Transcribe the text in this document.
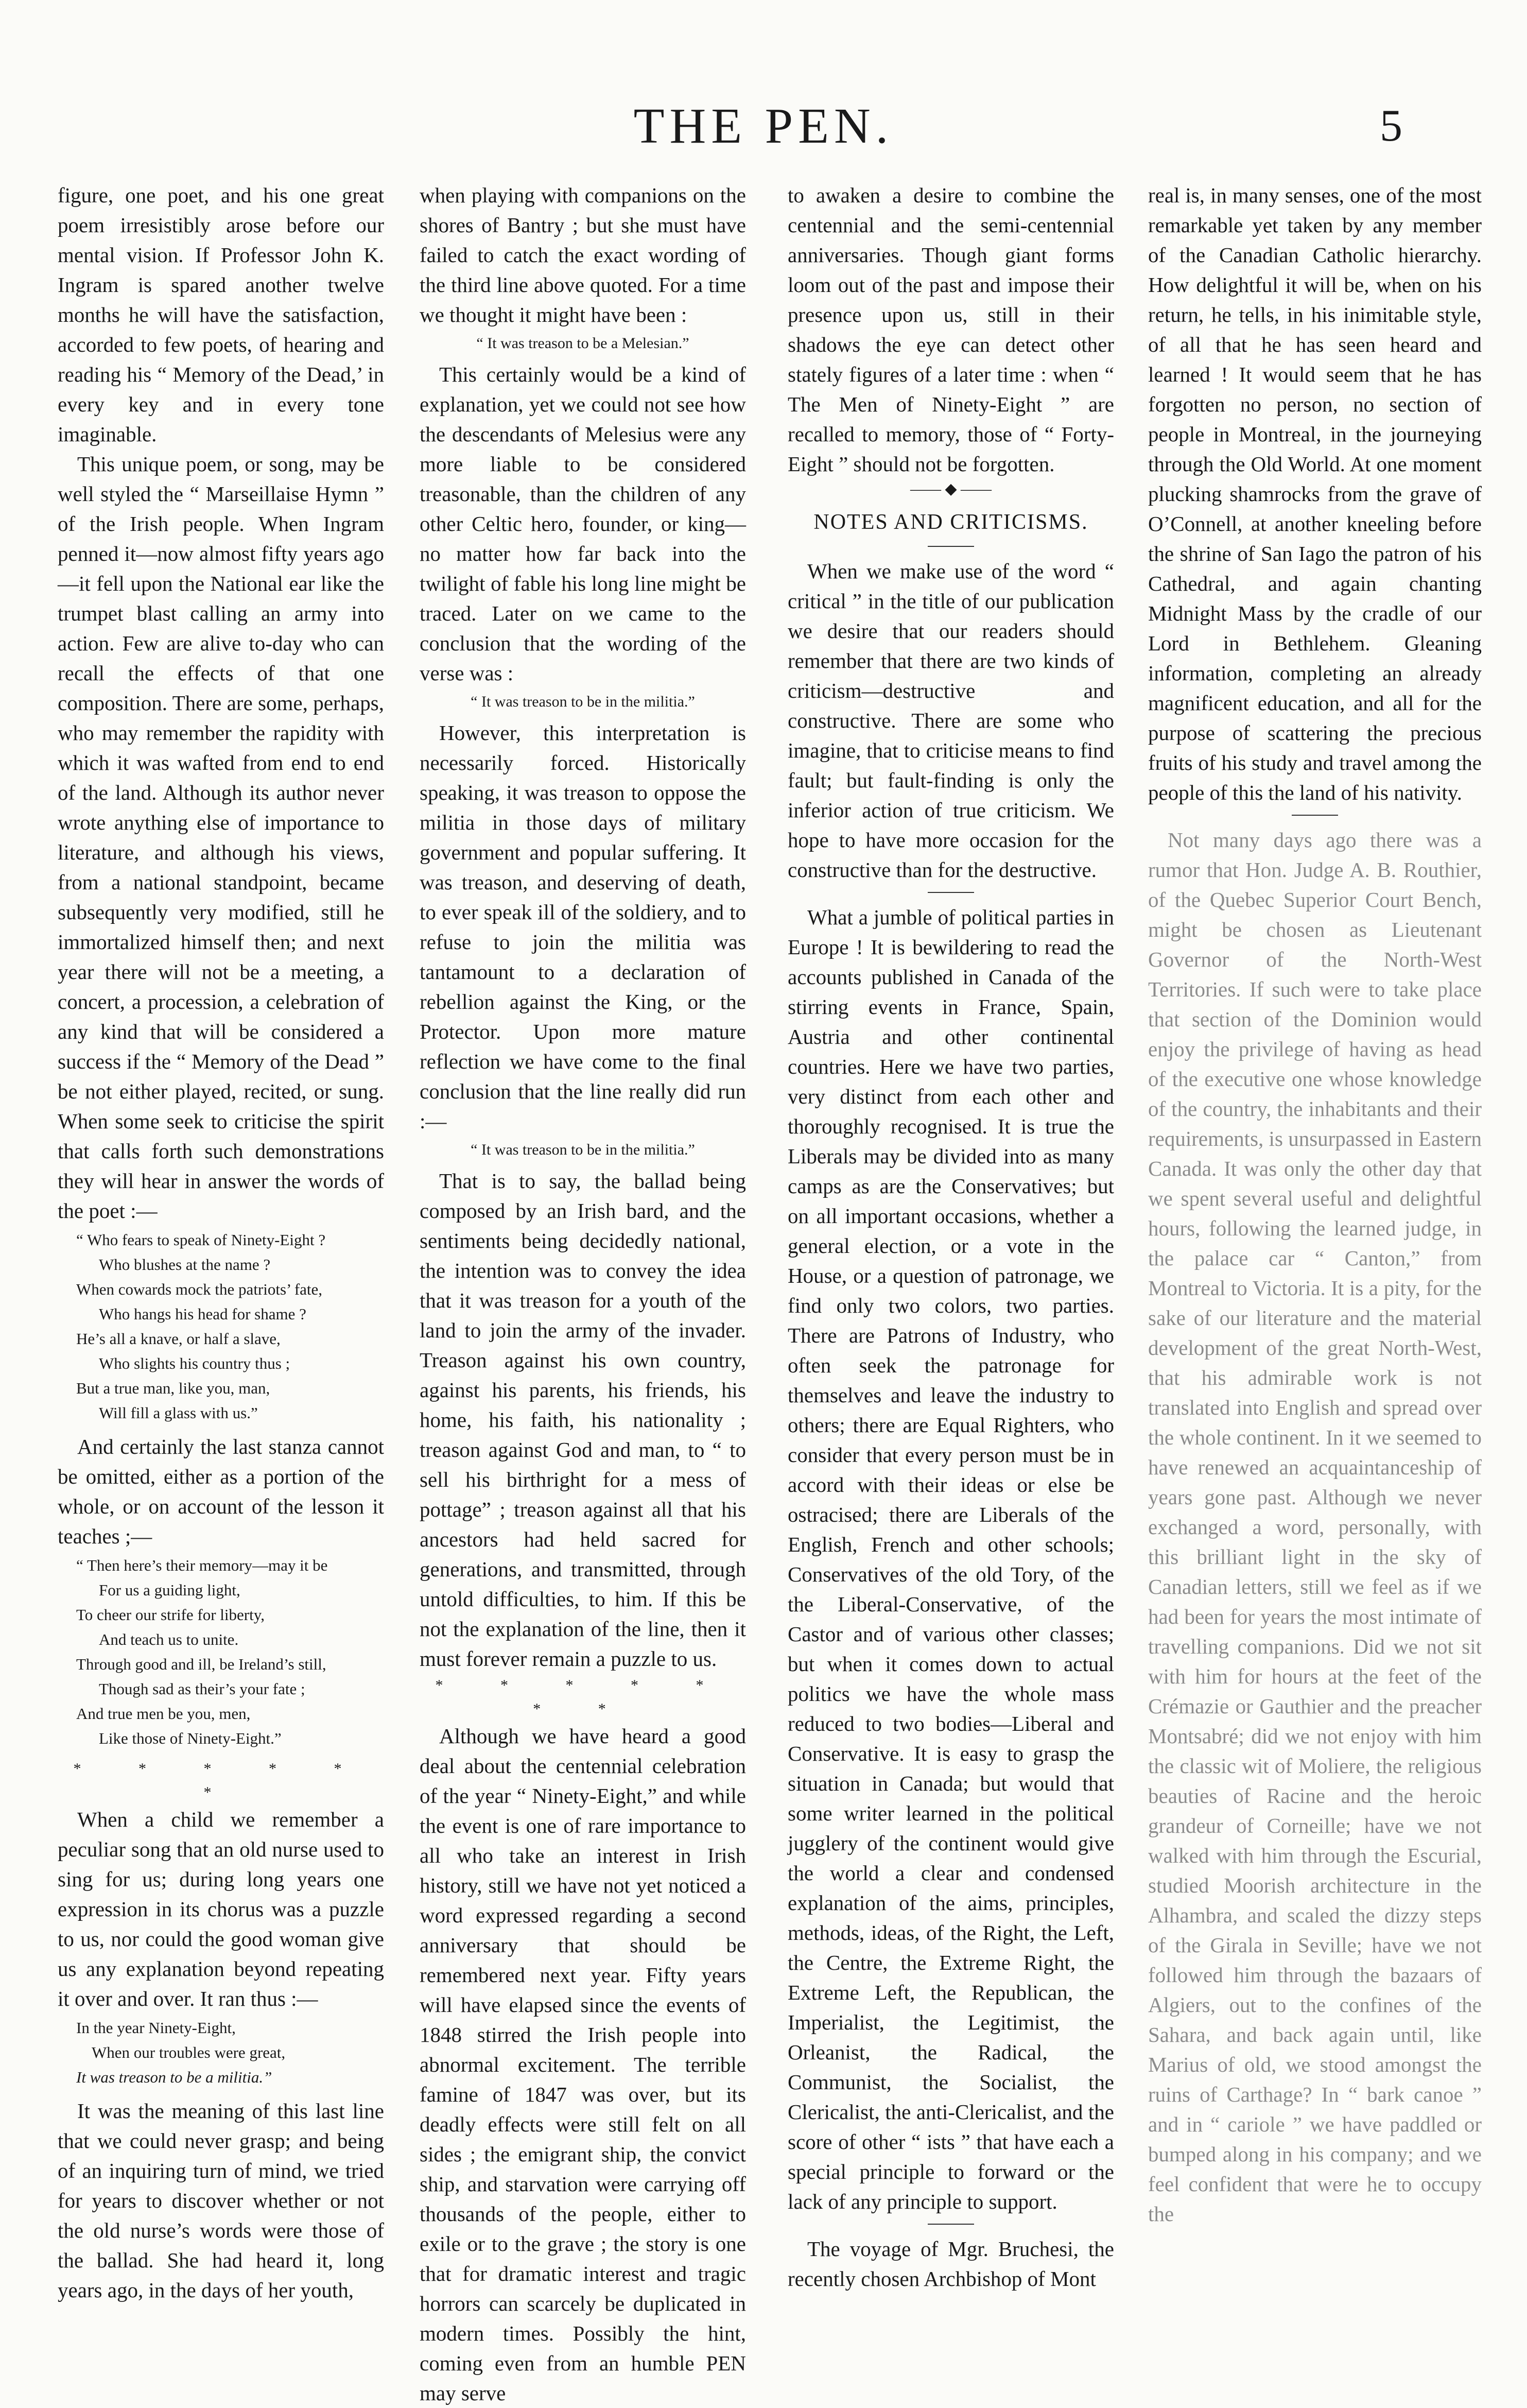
THE PEN.	5

figure, one poet, and his one great poem irresistibly arose before our mental vision. If Professor John K. Ingram is spared another twelve months he will have the satisfaction, accorded to few poets, of hearing and reading his “ Memory of the Dead,’ in every key and in every tone imaginable.

This unique poem, or song, may be well styled the “ Marseillaise Hymn ” of the Irish people. When Ingram penned it—now almost fifty years ago—it fell upon the National ear like the trumpet blast calling an army into action. Few are alive to-day who can recall the effects of that one composition. There are some, perhaps, who may remember the rapidity with which it was wafted from end to end of the land. Although its author never wrote anything else of importance to literature, and although his views, from a national standpoint, became subsequently very modified, still he immortalized himself then; and next year there will not be a meeting, a concert, a procession, a celebration of any kind that will be considered a success if the “ Memory of the Dead ” be not either played, recited, or sung. When some seek to criticise the spirit that calls forth such demonstrations they will hear in answer the words of the poet :—

“ Who fears to speak of Ninety-Eight ?
Who blushes at the name ?
When cowards mock the patriots’ fate,
Who hangs his head for shame ?
He’s all a knave, or half a slave,
Who slights his country thus ;
But a true man, like you, man,
Will fill a glass with us.”

And certainly the last stanza cannot be omitted, either as a portion of the whole, or on account of the lesson it teaches ;—

“ Then here’s their memory—may it be
For us a guiding light,
To cheer our strife for liberty,
And teach us to unite.
Through good and ill, be Ireland’s still,
Though sad as their’s your fate ;
And true men be you, men,
Like those of Ninety-Eight.”
* * * * * *

When a child we remember a peculiar song that an old nurse used to sing for us; during long years one expression in its chorus was a puzzle to us, nor could the good woman give us any explanation beyond repeating it over and over. It ran thus :—

In the year Ninety-Eight,
When our troubles were great,
It was treason to be a militia.”

It was the meaning of this last line that we could never grasp; and being of an inquiring turn of mind, we tried for years to discover whether or not the old nurse’s words were those of the ballad. She had heard it, long years ago, in the days of her youth,

when playing with companions on the shores of Bantry ; but she must have failed to catch the exact wording of the third line above quoted. For a time we thought it might have been :

“ It was treason to be a Melesian.”

This certainly would be a kind of explanation, yet we could not see how the descendants of Melesius were any more liable to be considered treasonable, than the children of any other Celtic hero, founder, or king—no matter how far back into the twilight of fable his long line might be traced. Later on we came to the conclusion that the wording of the verse was :

“ It was treason to be in the militia.”

However, this interpretation is necessarily forced. Historically speaking, it was treason to oppose the militia in those days of military government and popular suffering. It was treason, and deserving of death, to ever speak ill of the soldiery, and to refuse to join the militia was tantamount to a declaration of rebellion against the King, or the Protector. Upon more mature reflection we have come to the final conclusion that the line really did run :—

“ It was treason to be in the militia.”

That is to say, the ballad being composed by an Irish bard, and the sentiments being decidedly national, the intention was to convey the idea that it was treason for a youth of the land to join the army of the invader. Treason against his own country, against his parents, his friends, his home, his faith, his nationality ; treason against God and man, to “ to sell his birthright for a mess of pottage” ; treason against all that his ancestors had held sacred for generations, and transmitted, through untold difficulties, to him. If this be not the explanation of the line, then it must forever remain a puzzle to us.

* * * * * * *

Although we have heard a good deal about the centennial celebration of the year “ Ninety-Eight,” and while the event is one of rare importance to all who take an interest in Irish history, still we have not yet noticed a word expressed regarding a second anniversary that should be remembered next year. Fifty years will have elapsed since the events of 1848 stirred the Irish people into abnormal excitement. The terrible famine of 1847 was over, but its deadly effects were still felt on all sides ; the emigrant ship, the convict ship, and starvation were carrying off thousands of the people, either to exile or to the grave ; the story is one that for dramatic interest and tragic horrors can scarcely be duplicated in modern times. Possibly the hint, coming even from an humble PEN may serve

to awaken a desire to combine the centennial and the semi-centennial anniversaries. Though giant forms loom out of the past and impose their presence upon us, still in their shadows the eye can detect other stately figures of a later time : when “ The Men of Ninety-Eight ” are recalled to memory, those of “ Forty-Eight ” should not be forgotten.

—— ◆ ——
NOTES AND CRITICISMS.

When we make use of the word “ critical ” in the title of our publication we desire that our readers should remember that there are two kinds of criticism—destructive and constructive. There are some who imagine, that to criticise means to find fault; but fault-finding is only the inferior action of true criticism. We hope to have more occasion for the constructive than for the destructive.

What a jumble of political parties in Europe ! It is bewildering to read the accounts published in Canada of the stirring events in France, Spain, Austria and other continental countries. Here we have two parties, very distinct from each other and thoroughly recognised. It is true the Liberals may be divided into as many camps as are the Conservatives; but on all important occasions, whether a general election, or a vote in the House, or a question of patronage, we find only two colors, two parties. There are Patrons of Industry, who often seek the patronage for themselves and leave the industry to others; there are Equal Righters, who consider that every person must be in accord with their ideas or else be ostracised; there are Liberals of the English, French and other schools; Conservatives of the old Tory, of the the Liberal-Conservative, of the Castor and of various other classes; but when it comes down to actual politics we have the whole mass reduced to two bodies—Liberal and Conservative. It is easy to grasp the situation in Canada; but would that some writer learned in the political jugglery of the continent would give the world a clear and condensed explanation of the aims, principles, methods, ideas, of the Right, the Left, the Centre, the Extreme Right, the Extreme Left, the Republican, the Imperialist, the Legitimist, the Orleanist, the Radical, the Communist, the Socialist, the Clericalist, the anti-Clericalist, and the score of other “ ists ” that have each a special principle to forward or the lack of any principle to support.

The voyage of Mgr. Bruchesi, the recently chosen Archbishop of Mont

real is, in many senses, one of the most remarkable yet taken by any member of the Canadian Catholic hierarchy. How delightful it will be, when on his return, he tells, in his inimitable style, of all that he has seen heard and learned ! It would seem that he has forgotten no person, no section of people in Montreal, in the journeying through the Old World. At one moment plucking shamrocks from the grave of O’Connell, at another kneeling before the shrine of San Iago the patron of his Cathedral, and again chanting Midnight Mass by the cradle of our Lord in Bethlehem. Gleaning information, completing an already magnificent education, and all for the purpose of scattering the precious fruits of his study and travel among the people of this the land of his nativity.

Not many days ago there was a rumor that Hon. Judge A. B. Routhier, of the Quebec Superior Court Bench, might be chosen as Lieutenant Governor of the North-West Territories. If such were to take place that section of the Dominion would enjoy the privilege of having as head of the executive one whose knowledge of the country, the inhabitants and their requirements, is unsurpassed in Eastern Canada. It was only the other day that we spent several useful and delightful hours, following the learned judge, in the palace car “ Canton,” from Montreal to Victoria. It is a pity, for the sake of our literature and the material development of the great North-West, that his admirable work is not translated into English and spread over the whole continent. In it we seemed to have renewed an acquaintanceship of years gone past. Although we never exchanged a word, personally, with this brilliant light in the sky of Canadian letters, still we feel as if we had been for years the most intimate of travelling companions. Did we not sit with him for hours at the feet of the Crémazie or Gauthier and the preacher Montsabré; did we not enjoy with him the classic wit of Moliere, the religious beauties of Racine and the heroic grandeur of Corneille; have we not walked with him through the Escurial, studied Moorish architecture in the Alhambra, and scaled the dizzy steps of the Girala in Seville; have we not followed him through the bazaars of Algiers, out to the confines of the Sahara, and back again until, like Marius of old, we stood amongst the ruins of Carthage? In “ bark canoe ” and in “ cariole ” we have paddled or bumped along in his company; and we feel confident that were he to occupy the
